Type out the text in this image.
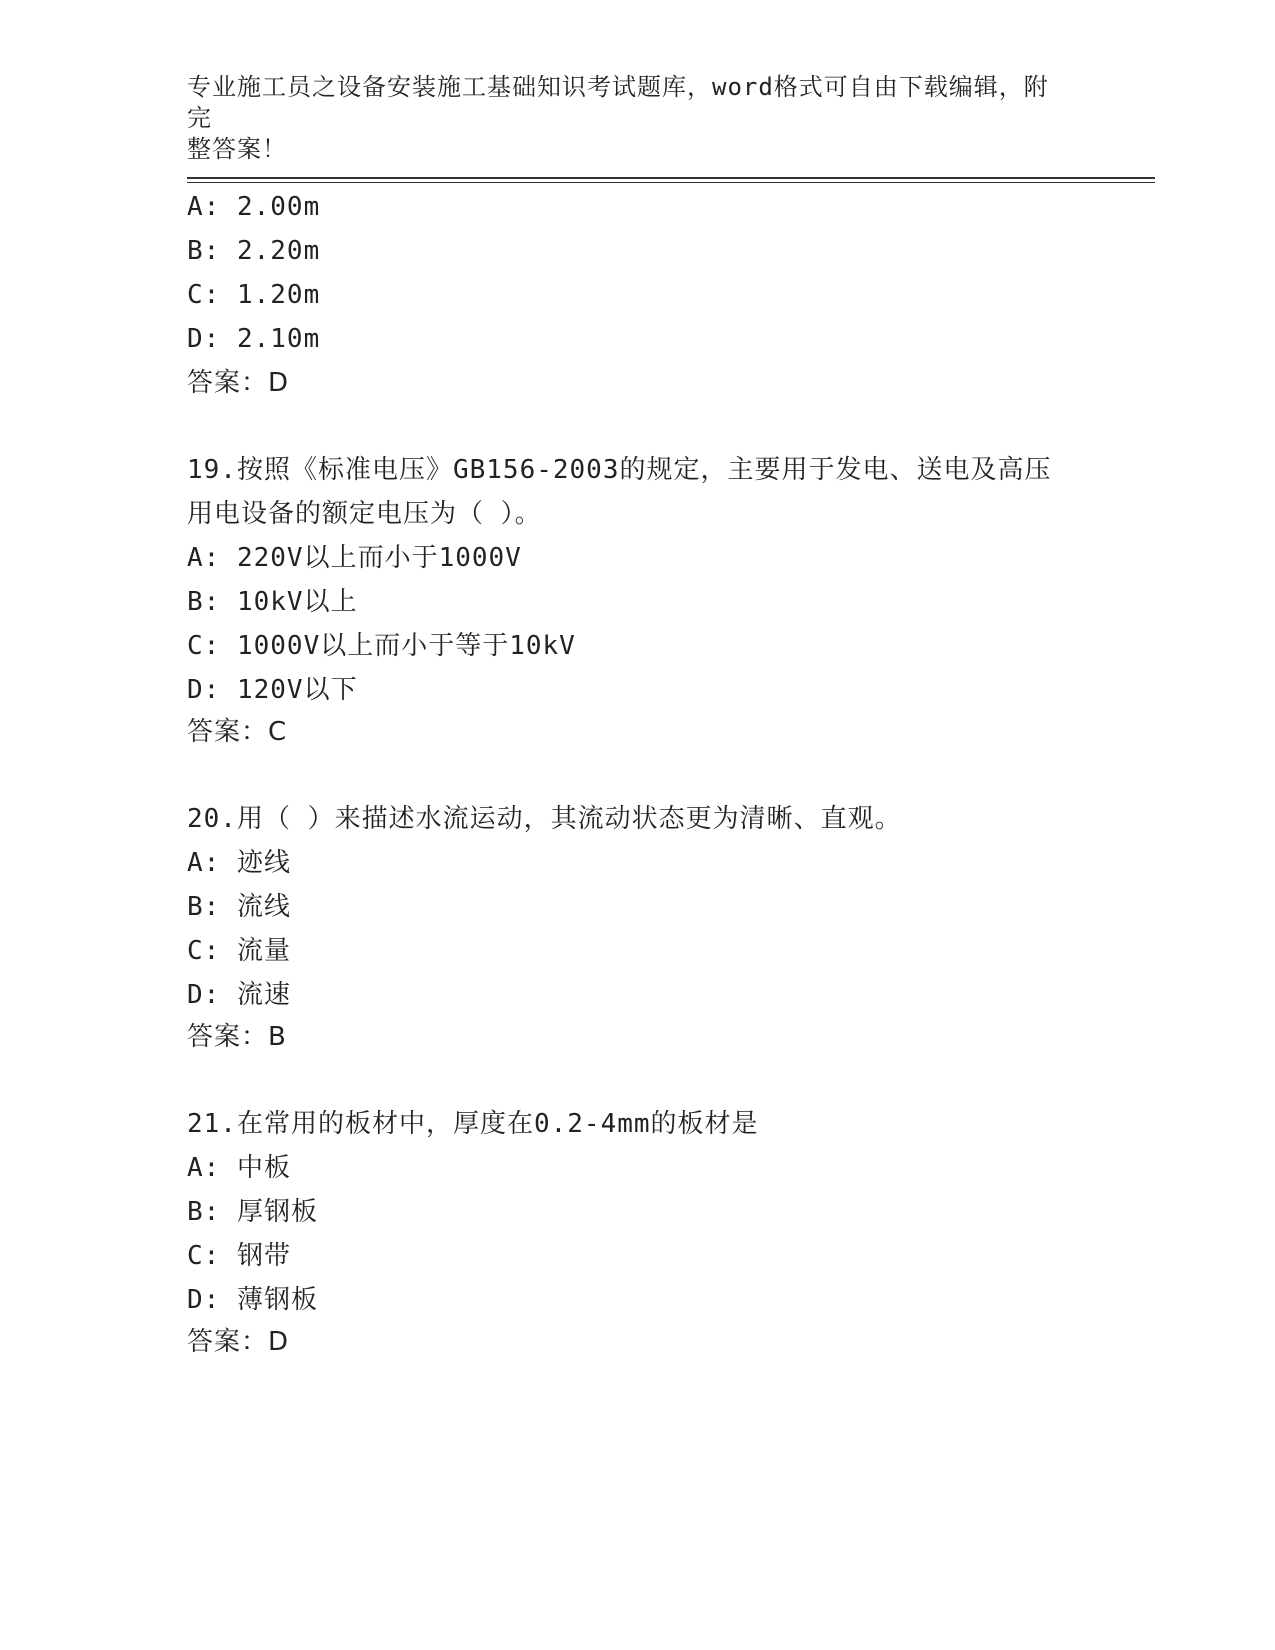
专业施工员之设备安装施工基础知识考试题库，word格式可自由下载编辑，附完
整答案！
A: 2.00m
B: 2.20m
C: 1.20m
D: 2.10m
答案：D
19.按照《标准电压》GB156-2003的规定，主要用于发电、送电及高压
用电设备的额定电压为（ ）。
A: 220V以上而小于1000V
B: 10kV以上
C: 1000V以上而小于等于10kV
D: 120V以下
答案：C
20.用（ ）来描述水流运动，其流动状态更为清晰、直观。
A: 迹线
B: 流线
C: 流量
D: 流速
答案：B
21.在常用的板材中，厚度在0.2-4mm的板材是
A: 中板
B: 厚钢板
C: 钢带
D: 薄钢板
答案：D
